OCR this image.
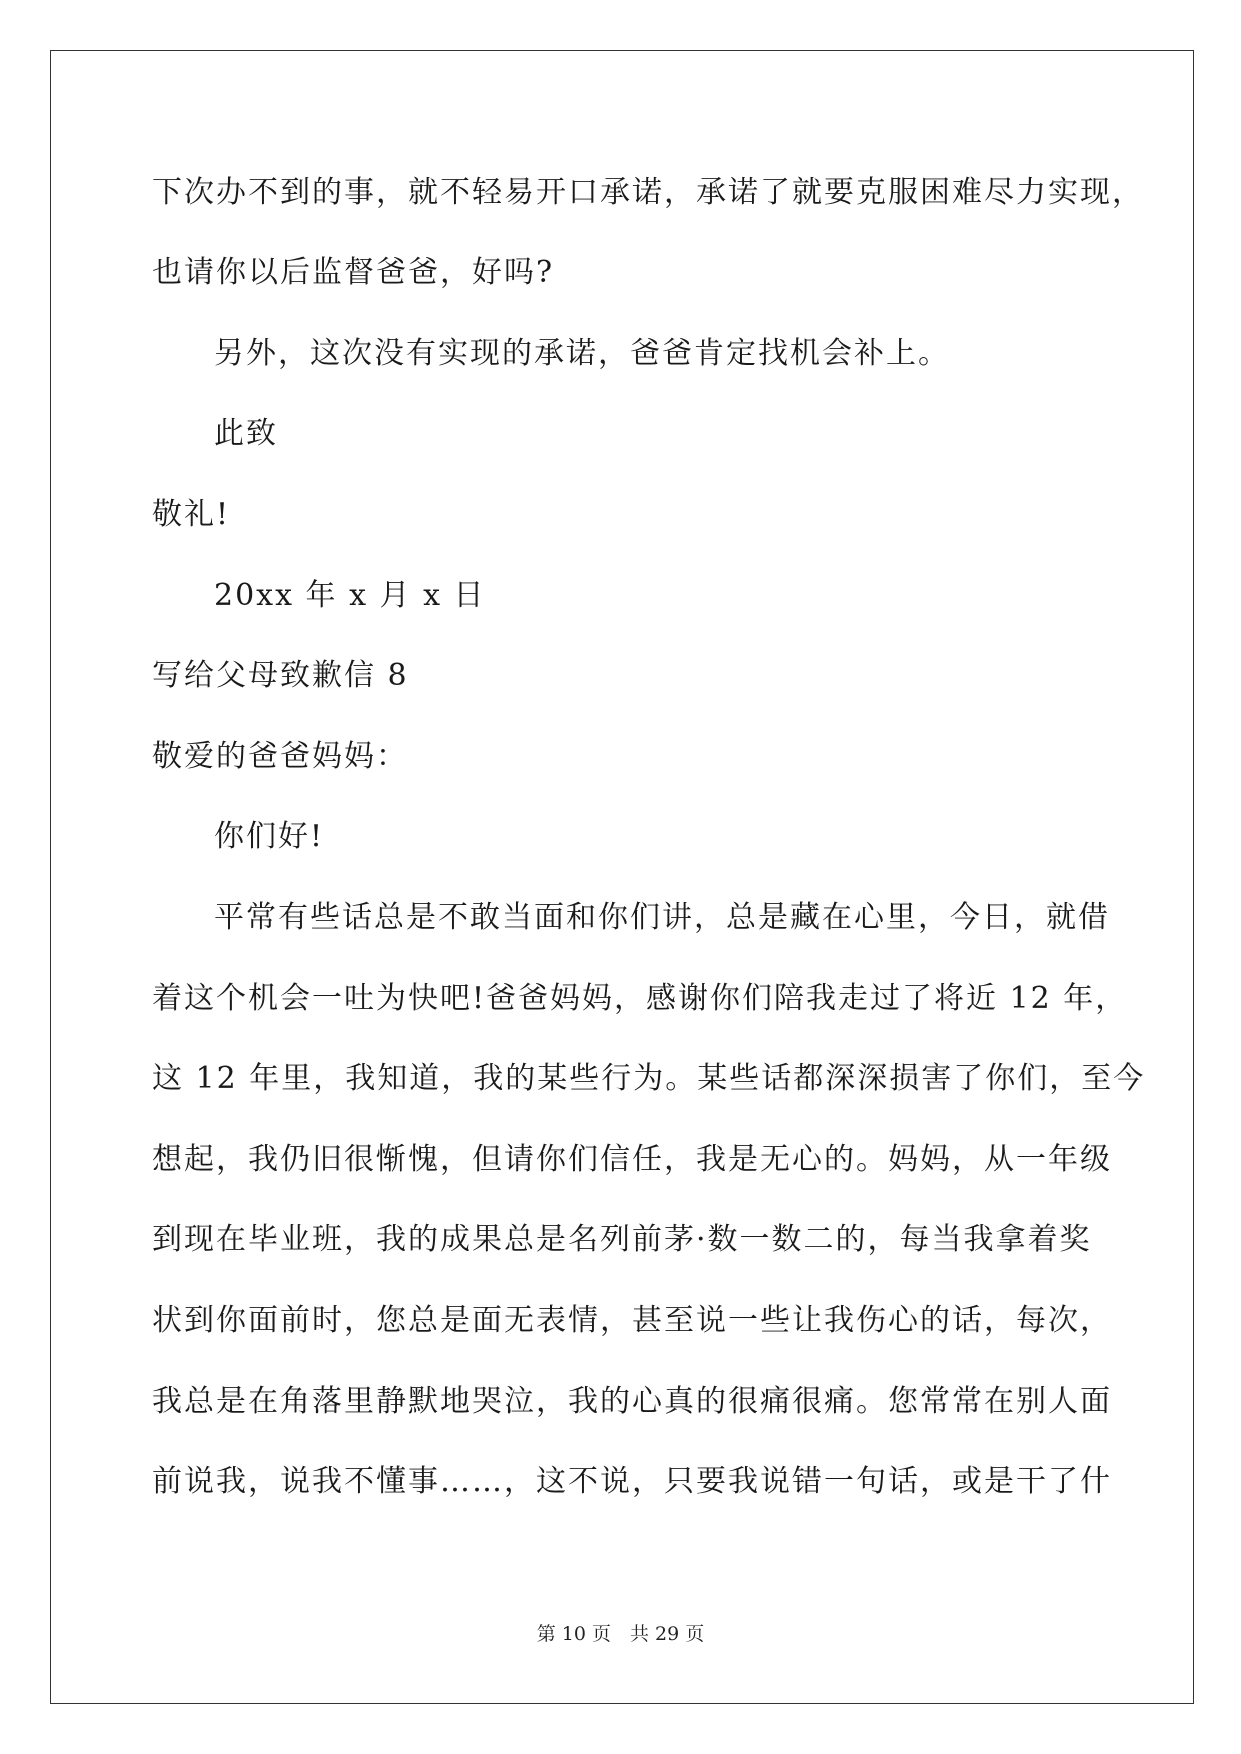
下次办不到的事，就不轻易开口承诺，承诺了就要克服困难尽力实现，
也请你以后监督爸爸，好吗?
另外，这次没有实现的承诺，爸爸肯定找机会补上。
此致
敬礼!
20xx 年 x 月 x 日
写给父母致歉信 8
敬爱的爸爸妈妈：
你们好!
平常有些话总是不敢当面和你们讲，总是藏在心里，今日，就借
着这个机会一吐为快吧!爸爸妈妈，感谢你们陪我走过了将近 12 年，
这 12 年里，我知道，我的某些行为。某些话都深深损害了你们，至今
想起，我仍旧很惭愧，但请你们信任，我是无心的。妈妈，从一年级
到现在毕业班，我的成果总是名列前茅·数一数二的，每当我拿着奖
状到你面前时，您总是面无表情，甚至说一些让我伤心的话，每次，
我总是在角落里静默地哭泣，我的心真的很痛很痛。您常常在别人面
前说我，说我不懂事……，这不说，只要我说错一句话，或是干了什
第 10 页　共 29 页
